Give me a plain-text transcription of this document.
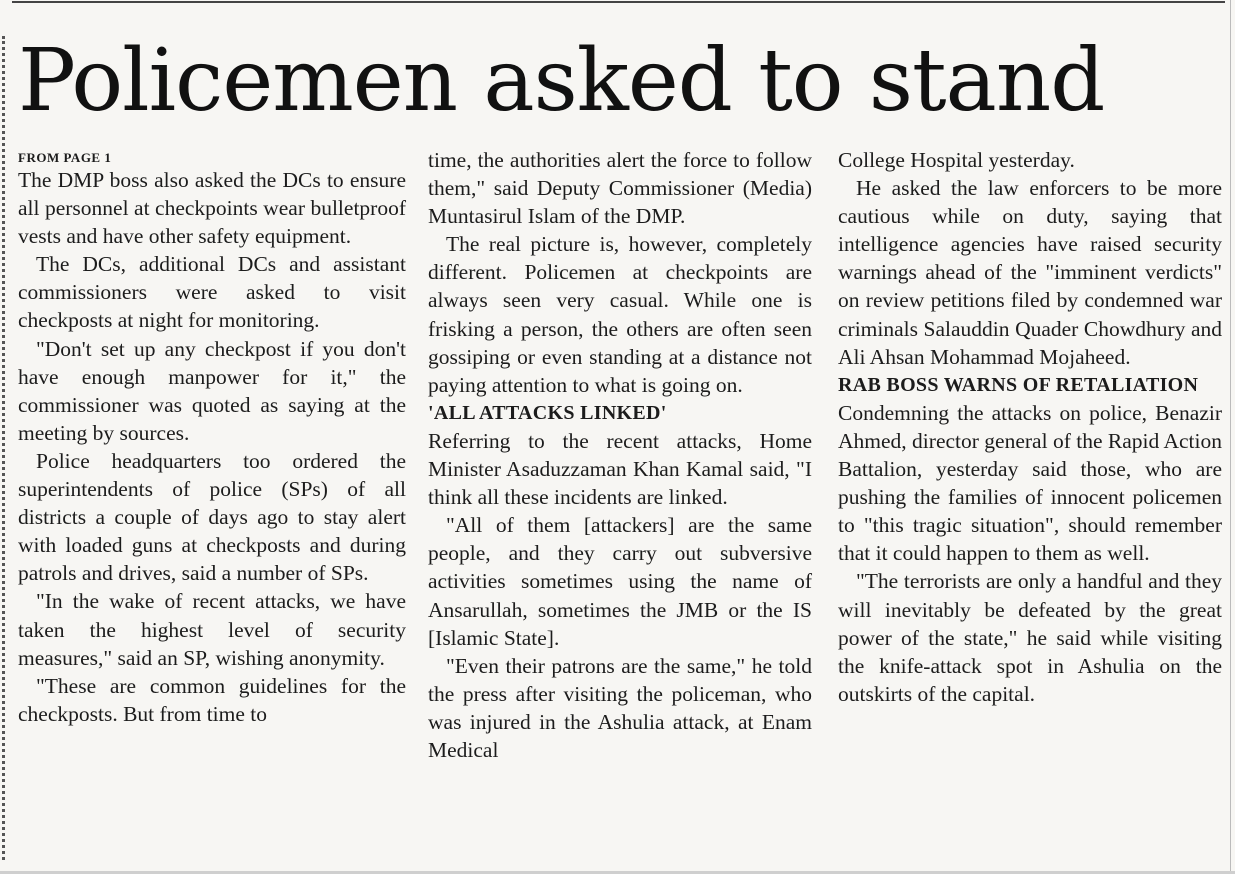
Policemen asked to stand
FROM PAGE 1

The DMP boss also asked the DCs to ensure all personnel at checkpoints wear bulletproof vests and have other safety equipment.

The DCs, additional DCs and assistant commissioners were asked to visit checkposts at night for monitoring.

"Don't set up any checkpost if you don't have enough manpower for it," the commissioner was quoted as saying at the meeting by sources.

Police headquarters too ordered the superintendents of police (SPs) of all districts a couple of days ago to stay alert with loaded guns at checkposts and during patrols and drives, said a number of SPs.

"In the wake of recent attacks, we have taken the highest level of security measures," said an SP, wishing anonymity.

"These are common guidelines for the checkposts. But from time to

time, the authorities alert the force to follow them," said Deputy Commissioner (Media) Muntasirul Islam of the DMP.

The real picture is, however, completely different. Policemen at checkpoints are always seen very casual. While one is frisking a person, the others are often seen gossiping or even standing at a distance not paying attention to what is going on.

'ALL ATTACKS LINKED'

Referring to the recent attacks, Home Minister Asaduzzaman Khan Kamal said, "I think all these incidents are linked.

"All of them [attackers] are the same people, and they carry out subversive activities sometimes using the name of Ansarullah, sometimes the JMB or the IS [Islamic State].

"Even their patrons are the same," he told the press after visiting the policeman, who was injured in the Ashulia attack, at Enam Medical

College Hospital yesterday.

He asked the law enforcers to be more cautious while on duty, saying that intelligence agencies have raised security warnings ahead of the "imminent verdicts" on review petitions filed by condemned war criminals Salauddin Quader Chowdhury and Ali Ahsan Mohammad Mojaheed.

RAB BOSS WARNS OF RETALIATION

Condemning the attacks on police, Benazir Ahmed, director general of the Rapid Action Battalion, yesterday said those, who are pushing the families of innocent policemen to "this tragic situation", should remember that it could happen to them as well.

"The terrorists are only a handful and they will inevitably be defeated by the great power of the state," he said while visiting the knife-attack spot in Ashulia on the outskirts of the capital.
